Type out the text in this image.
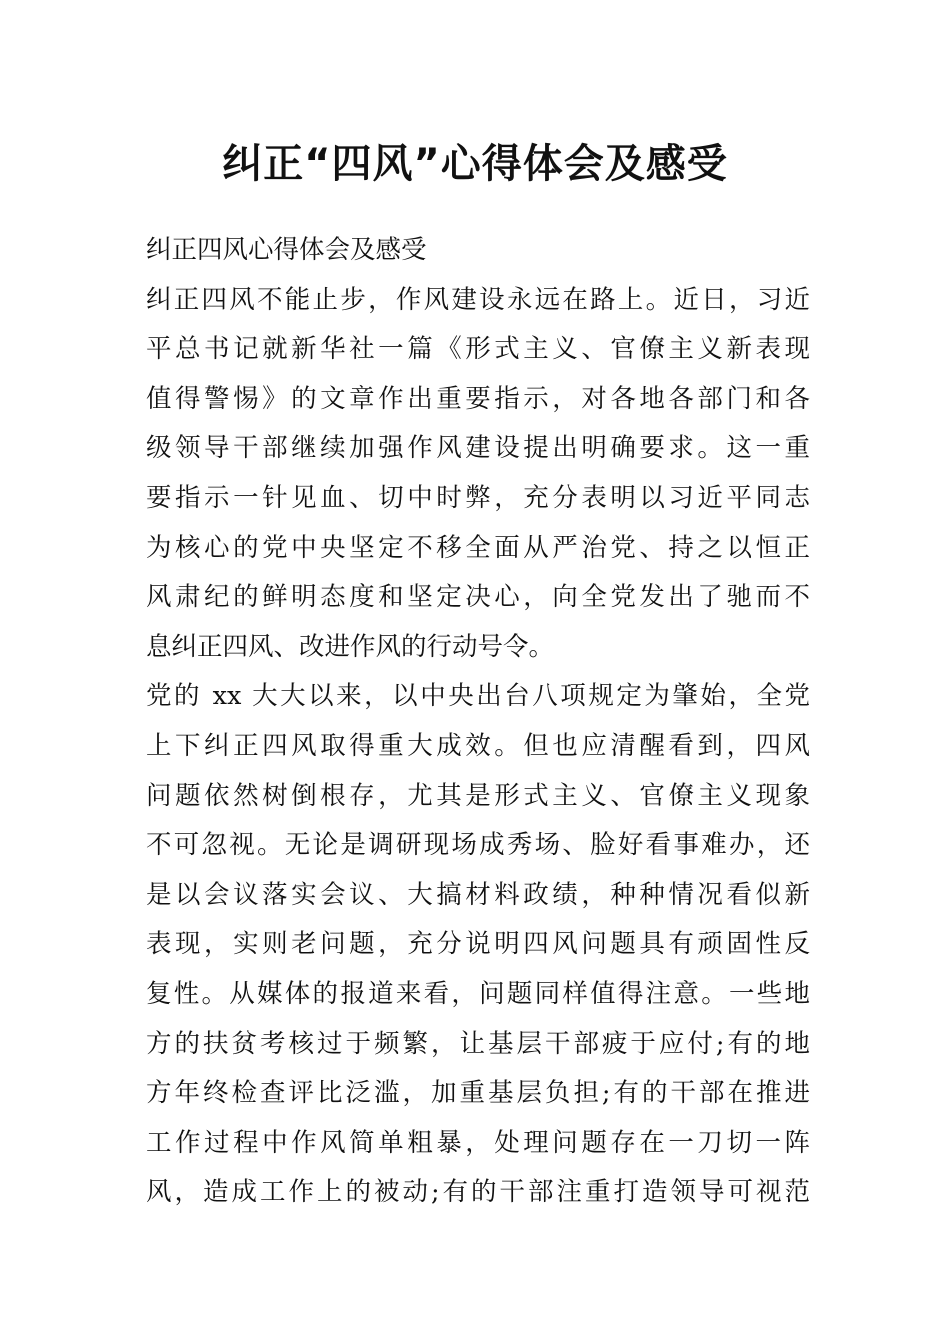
纠正“四风”心得体会及感受
纠正四风心得体会及感受
纠正四风不能止步，作风建设永远在路上。近日，习近
平总书记就新华社一篇《形式主义、官僚主义新表现
值得警惕》的文章作出重要指示，对各地各部门和各
级领导干部继续加强作风建设提出明确要求。这一重
要指示一针见血、切中时弊，充分表明以习近平同志
为核心的党中央坚定不移全面从严治党、持之以恒正
风肃纪的鲜明态度和坚定决心，向全党发出了驰而不
息纠正四风、改进作风的行动号令。
党的 xx 大大以来，以中央出台八项规定为肇始，全党
上下纠正四风取得重大成效。但也应清醒看到，四风
问题依然树倒根存，尤其是形式主义、官僚主义现象
不可忽视。无论是调研现场成秀场、脸好看事难办，还
是以会议落实会议、大搞材料政绩，种种情况看似新
表现，实则老问题，充分说明四风问题具有顽固性反
复性。从媒体的报道来看，问题同样值得注意。一些地
方的扶贫考核过于频繁，让基层干部疲于应付;有的地
方年终检查评比泛滥，加重基层负担;有的干部在推进
工作过程中作风简单粗暴，处理问题存在一刀切一阵
风，造成工作上的被动;有的干部注重打造领导可视范
